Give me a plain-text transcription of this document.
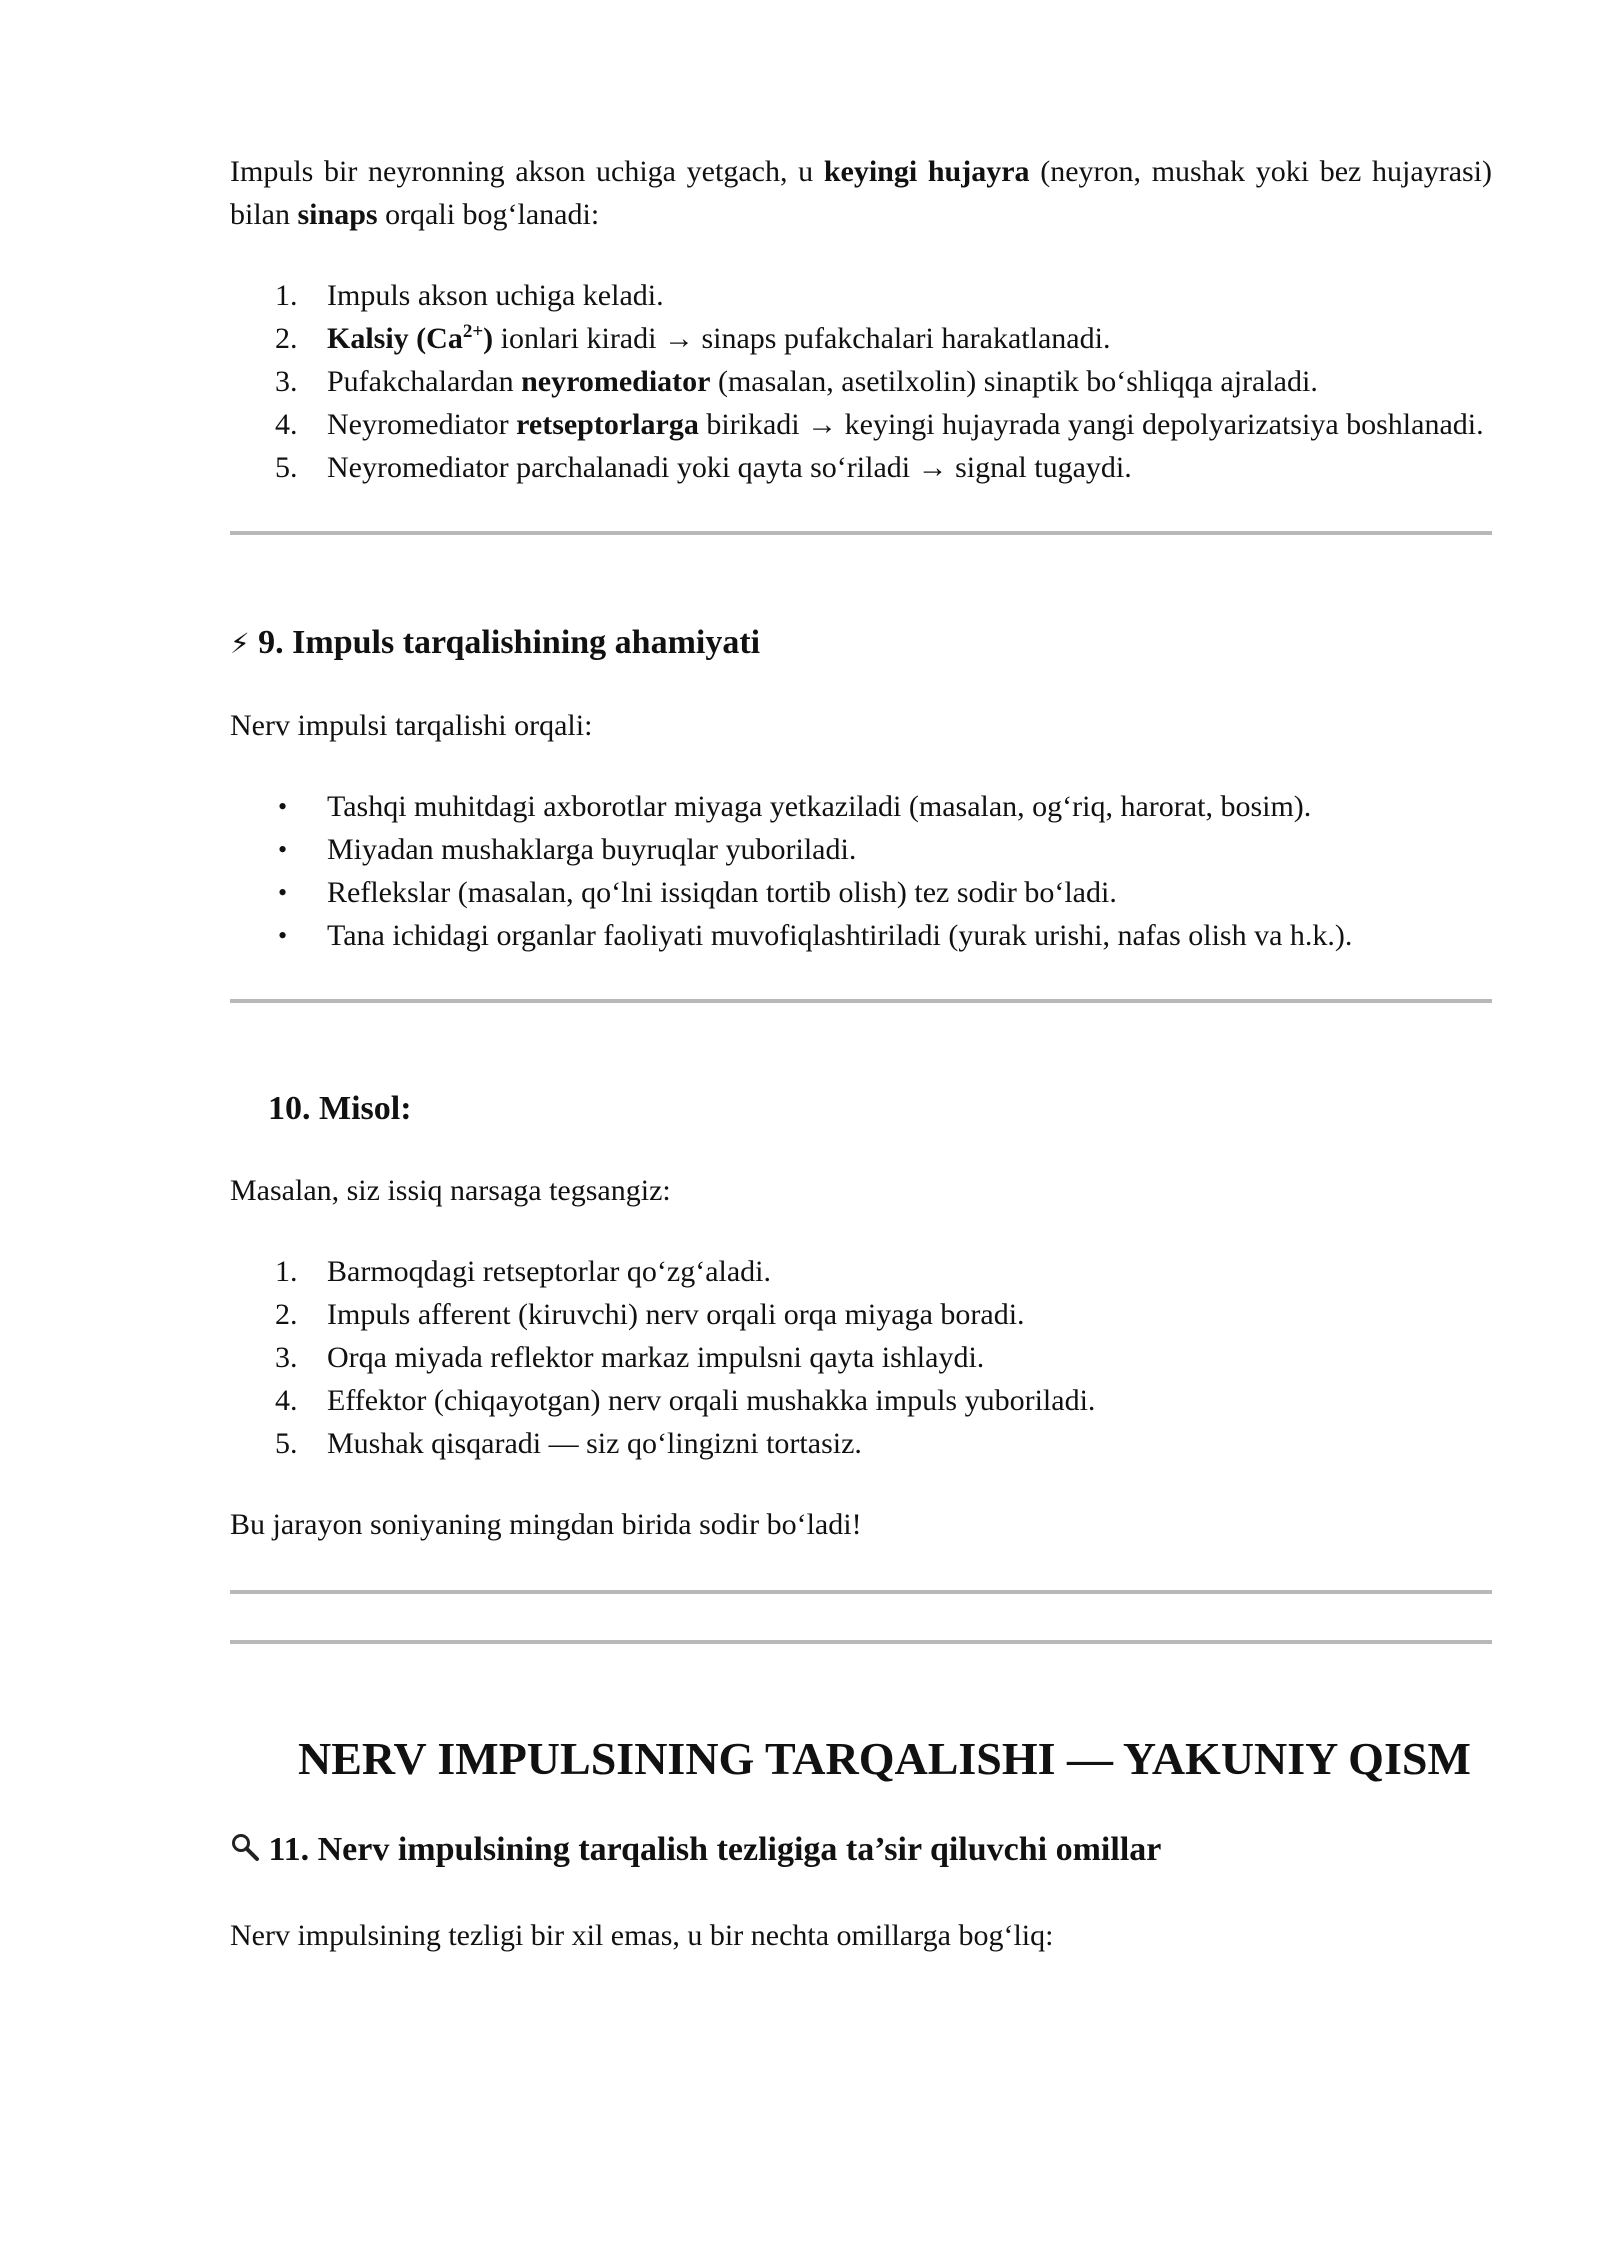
Impuls bir neyronning akson uchiga yetgach, u keyingi hujayra (neyron, mushak yoki bez hujayrasi) bilan sinaps orqali bog‘lanadi:

1. Impuls akson uchiga keladi.
2. Kalsiy $(Ca^{2+})$ ionlari kiradi → sinaps pufakchalari harakatlanadi.
3. Pufakchalardan neyromediator (masalan, asetilxolin) sinaptik bo‘shliqqa ajraladi.
4. Neyromediator retseptorlarga birikadi → keyingi hujayrada yangi depolyarizatsiya boshlanadi.
5. Neyromediator parchalanadi yoki qayta so‘riladi → signal tugaydi.
⚡ 9. Impuls tarqalishining ahamiyati

Nerv impulsi tarqalishi orqali:

• Tashqi muhitdagi axborotlar miyaga yetkaziladi (masalan, og‘riq, harorat, bosim).
• Miyadan mushaklarga buyruqlar yuboriladi.
• Reflekslar (masalan, qo‘lni issiqdan tortib olish) tez sodir bo‘ladi.
• Tana ichidagi organlar faoliyati muvofiqlashtiriladi (yurak urishi, nafas olish va h.k.).
10. Misol:

Masalan, siz issiq narsaga tegsangiz:

1. Barmoqdagi retseptorlar qo‘zg‘aladi.
2. Impuls afferent (kiruvchi) nerv orqali orqa miyaga boradi.
3. Orqa miyada reflektor markaz impulsni qayta ishlaydi.
4. Effektor (chiqayotgan) nerv orqali mushakka impuls yuboriladi.
5. Mushak qisqaradi — siz qo‘lingizni tortasiz.

Bu jarayon soniyaning mingdan birida sodir bo‘ladi!

NERV IMPULSINING TARQALISHI — YAKUNIY QISM
11. Nerv impulsining tarqalish tezligiga ta’sir qiluvchi omillar

Nerv impulsining tezligi bir xil emas, u bir nechta omillarga bog‘liq:
